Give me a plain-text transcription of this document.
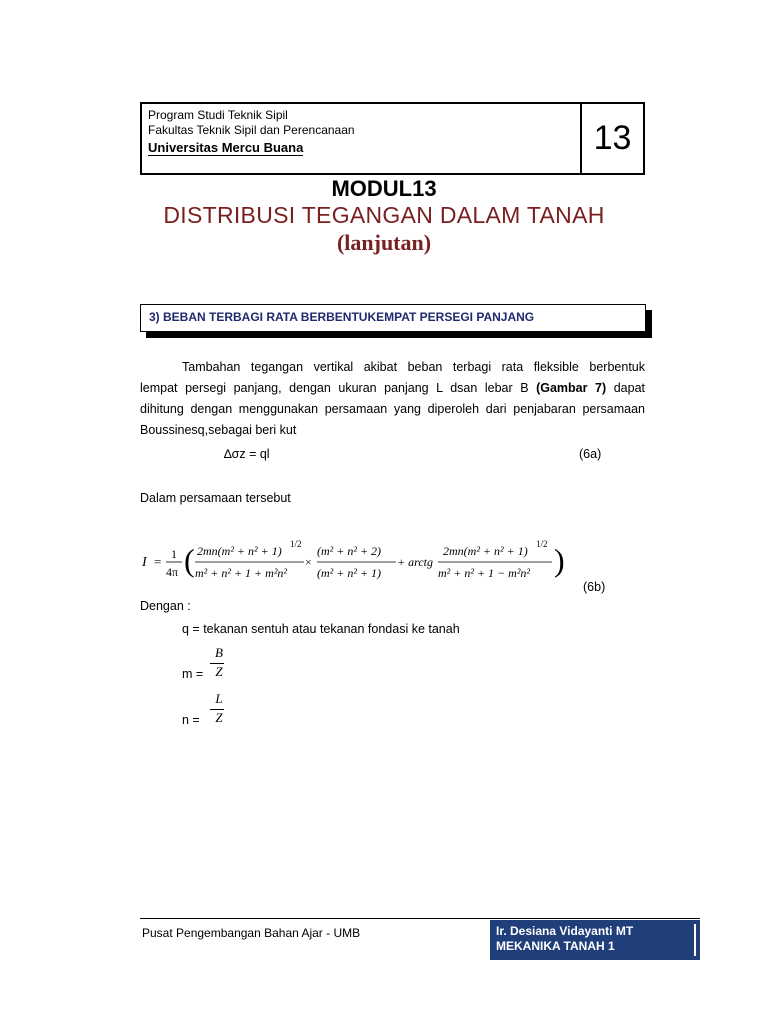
Program Studi Teknik Sipil
Fakultas Teknik Sipil dan Perencanaan
Universitas Mercu Buana	13
MODUL13
DISTRIBUSI TEGANGAN DALAM TANAH
(lanjutan)
3) BEBAN TERBAGI RATA BERBENTUKEMPAT PERSEGI PANJANG

Tambahan tegangan vertikal akibat beban terbagi rata fleksible berbentuk

lempat persegi panjang, dengan ukuran panjang L dsan lebar B (Gambar 7) dapat

dihitung dengan menggunakan persamaan yang diperoleh dari penjabaran persamaan

Boussinesq,sebagai beri kut

∆σz = ql	(6a)
Dalam persamaan tersebut
I = 1
4π ( 2mn(m² + n² + 1) 1/2
m² + n² + 1 + m²n²
×
(m² + n² + 2)
(m² + n² + 1)
+ arctg
2mn(m² + n² + 1) 1/2
m² + n² + 1 − m²n² )
(6b)
Dengan :
q = tekanan sentuh atau tekanan fondasi ke tanah
m =
B
Z
n =
L
Z
Pusat Pengembangan Bahan Ajar - UMB	Ir. Desiana Vidayanti MT
MEKANIKA TANAH 1
